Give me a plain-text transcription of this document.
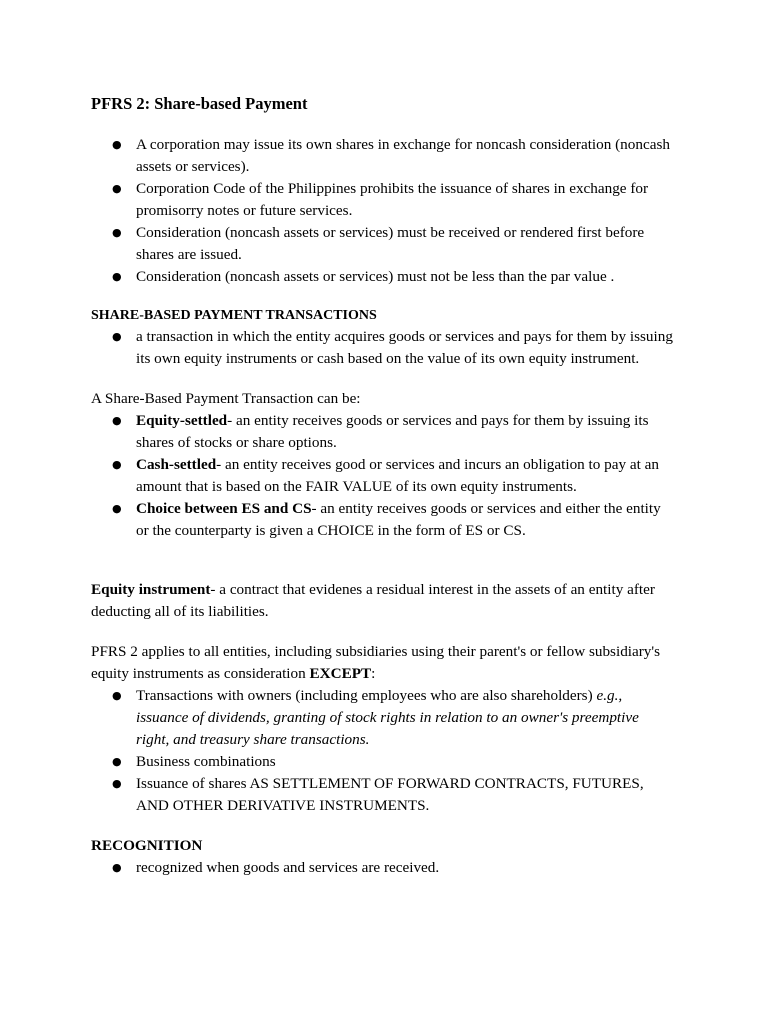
PFRS 2: Share-based Payment
● A corporation may issue its own shares in exchange for noncash consideration (noncash assets or services).
● Corporation Code of the Philippines prohibits the issuance of shares in exchange for promisorry notes or future services.
● Consideration (noncash assets or services) must be received or rendered first before shares are issued.
● Consideration (noncash assets or services) must not be less than the par value .
SHARE-BASED PAYMENT TRANSACTIONS
● a transaction in which the entity acquires goods or services and pays for them by issuing its own equity instruments or cash based on the value of its own equity instrument.
A Share-Based Payment Transaction can be:
● Equity-settled- an entity receives goods or services and pays for them by issuing its shares of stocks or share options.
● Cash-settled- an entity receives good or services and incurs an obligation to pay at an amount that is based on the FAIR VALUE of its own equity instruments.
● Choice between ES and CS- an entity receives goods or services and either the entity or the counterparty is given a CHOICE in the form of ES or CS.
Equity instrument- a contract that evidenes a residual interest in the assets of an entity after deducting all of its liabilities.
PFRS 2 applies to all entities, including subsidiaries using their parent's or fellow subsidiary's equity instruments as consideration EXCEPT:
● Transactions with owners (including employees who are also shareholders) e.g., issuance of dividends, granting of stock rights in relation to an owner's preemptive right, and treasury share transactions.
● Business combinations
● Issuance of shares AS SETTLEMENT OF FORWARD CONTRACTS, FUTURES, AND OTHER DERIVATIVE INSTRUMENTS.
RECOGNITION
● recognized when goods and services are received.
